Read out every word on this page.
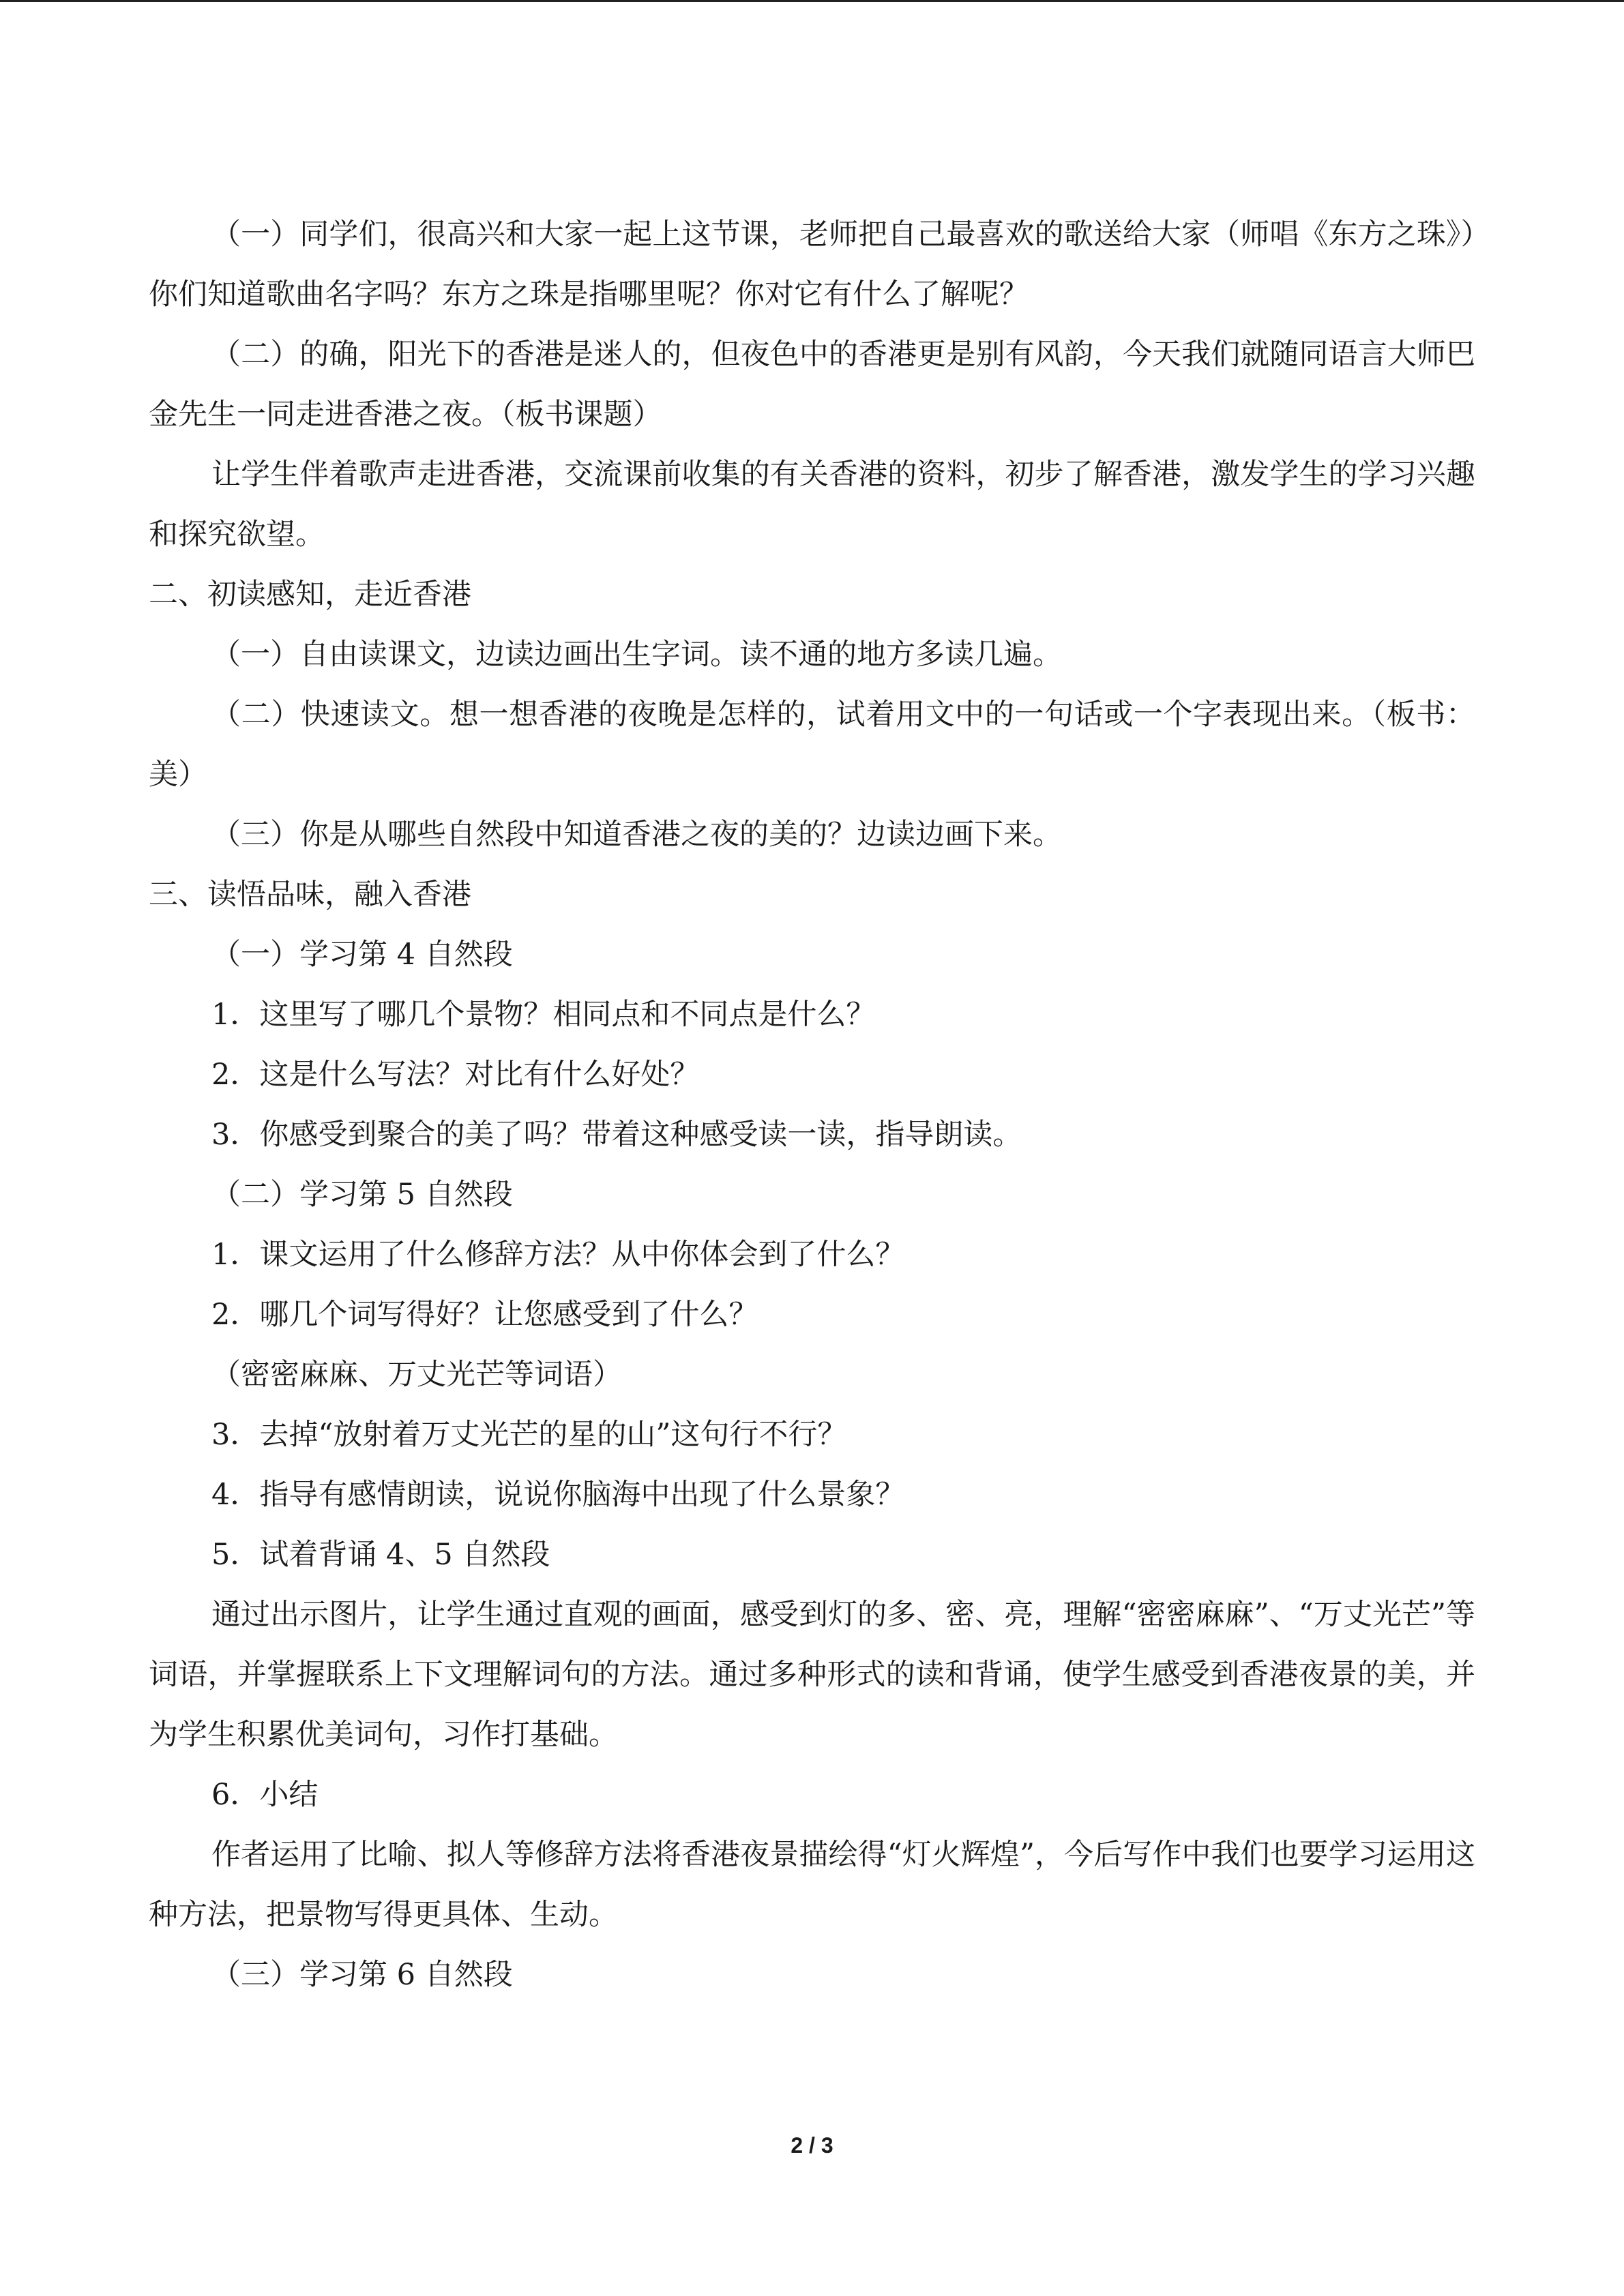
（一）同学们，很高兴和大家一起上这节课，老师把自己最喜欢的歌送给大家（师唱《东方之珠》）你们知道歌曲名字吗？东方之珠是指哪里呢？你对它有什么了解呢？

（二）的确，阳光下的香港是迷人的，但夜色中的香港更是别有风韵，今天我们就随同语言大师巴金先生一同走进香港之夜。（板书课题）

让学生伴着歌声走进香港，交流课前收集的有关香港的资料，初步了解香港，激发学生的学习兴趣和探究欲望。

二、初读感知，走近香港

（一）自由读课文，边读边画出生字词。读不通的地方多读几遍。

（二）快速读文。想一想香港的夜晚是怎样的，试着用文中的一句话或一个字表现出来。（板书：美）

（三）你是从哪些自然段中知道香港之夜的美的？边读边画下来。

三、读悟品味，融入香港

（一）学习第 4 自然段

1．这里写了哪几个景物？相同点和不同点是什么？

2．这是什么写法？对比有什么好处？

3．你感受到聚合的美了吗？带着这种感受读一读，指导朗读。

（二）学习第 5 自然段

1．课文运用了什么修辞方法？从中你体会到了什么？

2．哪几个词写得好？让您感受到了什么？

（密密麻麻、万丈光芒等词语）

3．去掉“放射着万丈光芒的星的山”这句行不行？

4．指导有感情朗读，说说你脑海中出现了什么景象？

5．试着背诵 4、5 自然段

通过出示图片，让学生通过直观的画面，感受到灯的多、密、亮，理解“密密麻麻”、“万丈光芒”等词语，并掌握联系上下文理解词句的方法。通过多种形式的读和背诵，使学生感受到香港夜景的美，并为学生积累优美词句，习作打基础。

6．小结

作者运用了比喻、拟人等修辞方法将香港夜景描绘得“灯火辉煌”，今后写作中我们也要学习运用这种方法，把景物写得更具体、生动。

（三）学习第 6 自然段

2 / 3
